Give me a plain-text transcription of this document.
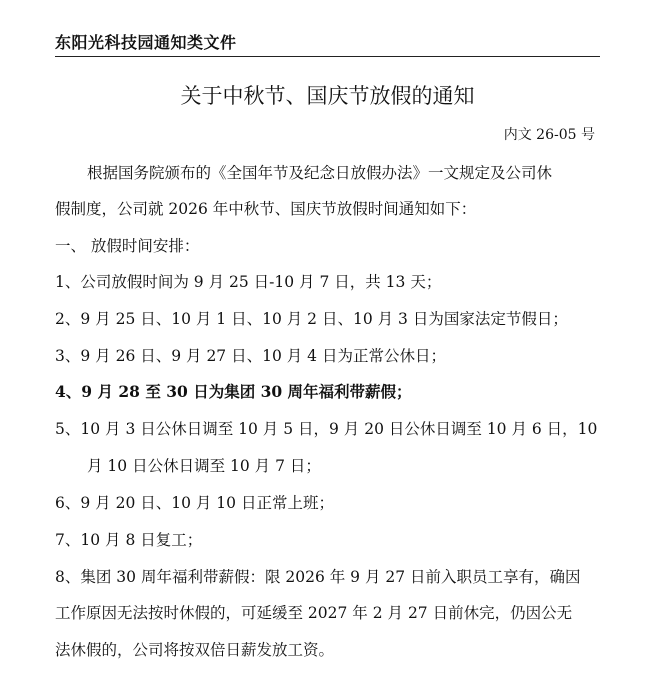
东阳光科技园通知类文件
关于中秋节、国庆节放假的通知
内文 26-05 号
根据国务院颁布的《全国年节及纪念日放假办法》一文规定及公司休
假制度，公司就 2026 年中秋节、国庆节放假时间通知如下：
一、 放假时间安排：
1、公司放假时间为 9 月 25 日-10 月 7 日，共 13 天；
2、9 月 25 日、10 月 1 日、10 月 2 日、10 月 3 日为国家法定节假日；
3、9 月 26 日、9 月 27 日、10 月 4 日为正常公休日；
4、9 月 28 至 30 日为集团 30 周年福利带薪假；
5、10 月 3 日公休日调至 10 月 5 日，9 月 20 日公休日调至 10 月 6 日，10
月 10 日公休日调至 10 月 7 日；
6、9 月 20 日、10 月 10 日正常上班；
7、10 月 8 日复工；
8、集团 30 周年福利带薪假：限 2026 年 9 月 27 日前入职员工享有，确因
工作原因无法按时休假的，可延缓至 2027 年 2 月 27 日前休完，仍因公无
法休假的，公司将按双倍日薪发放工资。
